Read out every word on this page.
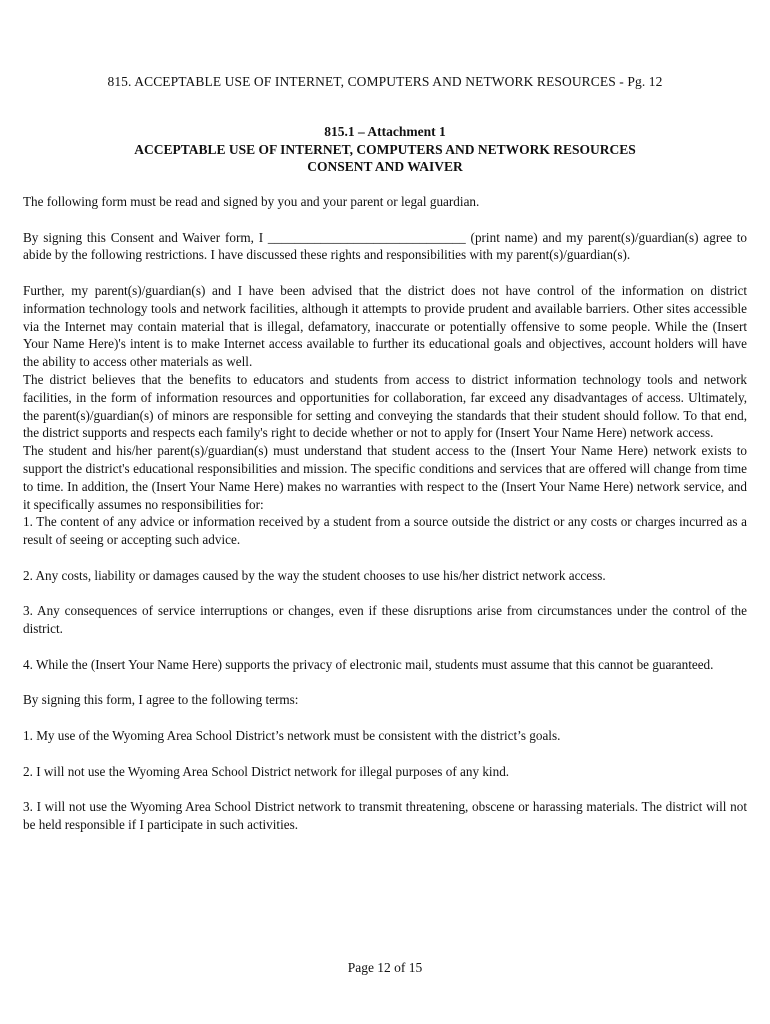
815. ACCEPTABLE USE OF INTERNET, COMPUTERS AND NETWORK RESOURCES - Pg. 12
815.1 – Attachment 1
ACCEPTABLE USE OF INTERNET, COMPUTERS AND NETWORK RESOURCES
CONSENT AND WAIVER

The following form must be read and signed by you and your parent or legal guardian.

By signing this Consent and Waiver form, I ______________________________ (print name) and my parent(s)/guardian(s) agree to abide by the following restrictions. I have discussed these rights and responsibilities with my parent(s)/guardian(s).

Further, my parent(s)/guardian(s) and I have been advised that the district does not have control of the information on district information technology tools and network facilities, although it attempts to provide prudent and available barriers. Other sites accessible via the Internet may contain material that is illegal, defamatory, inaccurate or potentially offensive to some people. While the (Insert Your Name Here)'s intent is to make Internet access available to further its educational goals and objectives, account holders will have the ability to access other materials as well.

The district believes that the benefits to educators and students from access to district information technology tools and network facilities, in the form of information resources and opportunities for collaboration, far exceed any disadvantages of access. Ultimately, the parent(s)/guardian(s) of minors are responsible for setting and conveying the standards that their student should follow. To that end, the district supports and respects each family's right to decide whether or not to apply for (Insert Your Name Here) network access.

The student and his/her parent(s)/guardian(s) must understand that student access to the (Insert Your Name Here) network exists to support the district's educational responsibilities and mission. The specific conditions and services that are offered will change from time to time. In addition, the (Insert Your Name Here) makes no warranties with respect to the (Insert Your Name Here) network service, and it specifically assumes no responsibilities for:

1. The content of any advice or information received by a student from a source outside the district or any costs or charges incurred as a result of seeing or accepting such advice.

2. Any costs, liability or damages caused by the way the student chooses to use his/her district network access.

3. Any consequences of service interruptions or changes, even if these disruptions arise from circumstances under the control of the district.

4. While the (Insert Your Name Here) supports the privacy of electronic mail, students must assume that this cannot be guaranteed.

By signing this form, I agree to the following terms:

1. My use of the Wyoming Area School District’s network must be consistent with the district’s goals.

2. I will not use the Wyoming Area School District network for illegal purposes of any kind.

3. I will not use the Wyoming Area School District network to transmit threatening, obscene or harassing materials. The district will not be held responsible if I participate in such activities.

Page 12 of 15
